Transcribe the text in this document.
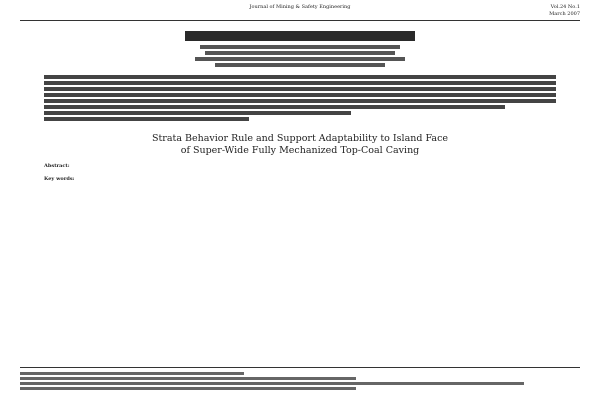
Journal of Mining & Safety Engineering	Vol.24 No.1
March 2007
Strata Behavior Rule and Support Adaptability to Island Face
of Super-Wide Fully Mechanized Top-Coal Caving
Abstract:
Key words:
